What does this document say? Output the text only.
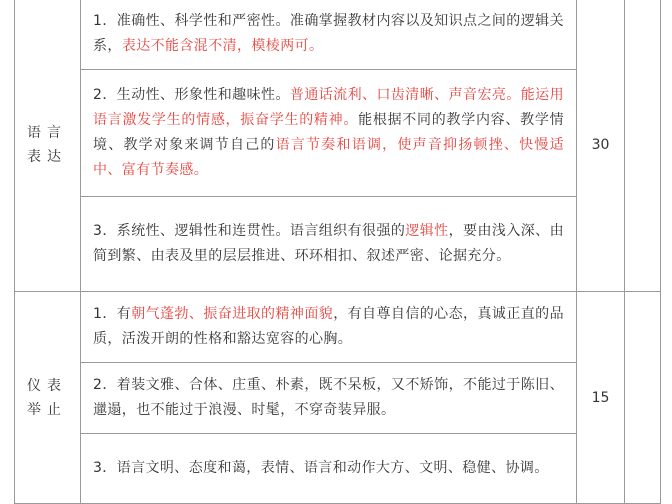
语言表达	1．准确性、科学性和严密性。准确掌握教材内容以及知识点之间的逻辑关系，表达不能含混不清，模棱两可。	30	
	2．生动性、形象性和趣味性。普通话流利、口齿清晰、声音宏亮。能运用语言激发学生的情感，振奋学生的精神。能根据不同的教学内容、教学情境、教学对象来调节自己的语言节奏和语调，使声音抑扬顿挫、快慢适中、富有节奏感。		
	3．系统性、逻辑性和连贯性。语言组织有很强的逻辑性，要由浅入深、由简到繁、由表及里的层层推进、环环相扣、叙述严密、论据充分。		
仪表举止	1．有朝气蓬勃、振奋进取的精神面貌，有自尊自信的心态，真诚正直的品质，活泼开朗的性格和豁达宽容的心胸。	15	
	2．着装文雅、合体、庄重、朴素，既不呆板，又不矫饰，不能过于陈旧、邋遢，也不能过于浪漫、时髦，不穿奇装异服。		
	3．语言文明、态度和蔼，表情、语言和动作大方、文明、稳健、协调。		
